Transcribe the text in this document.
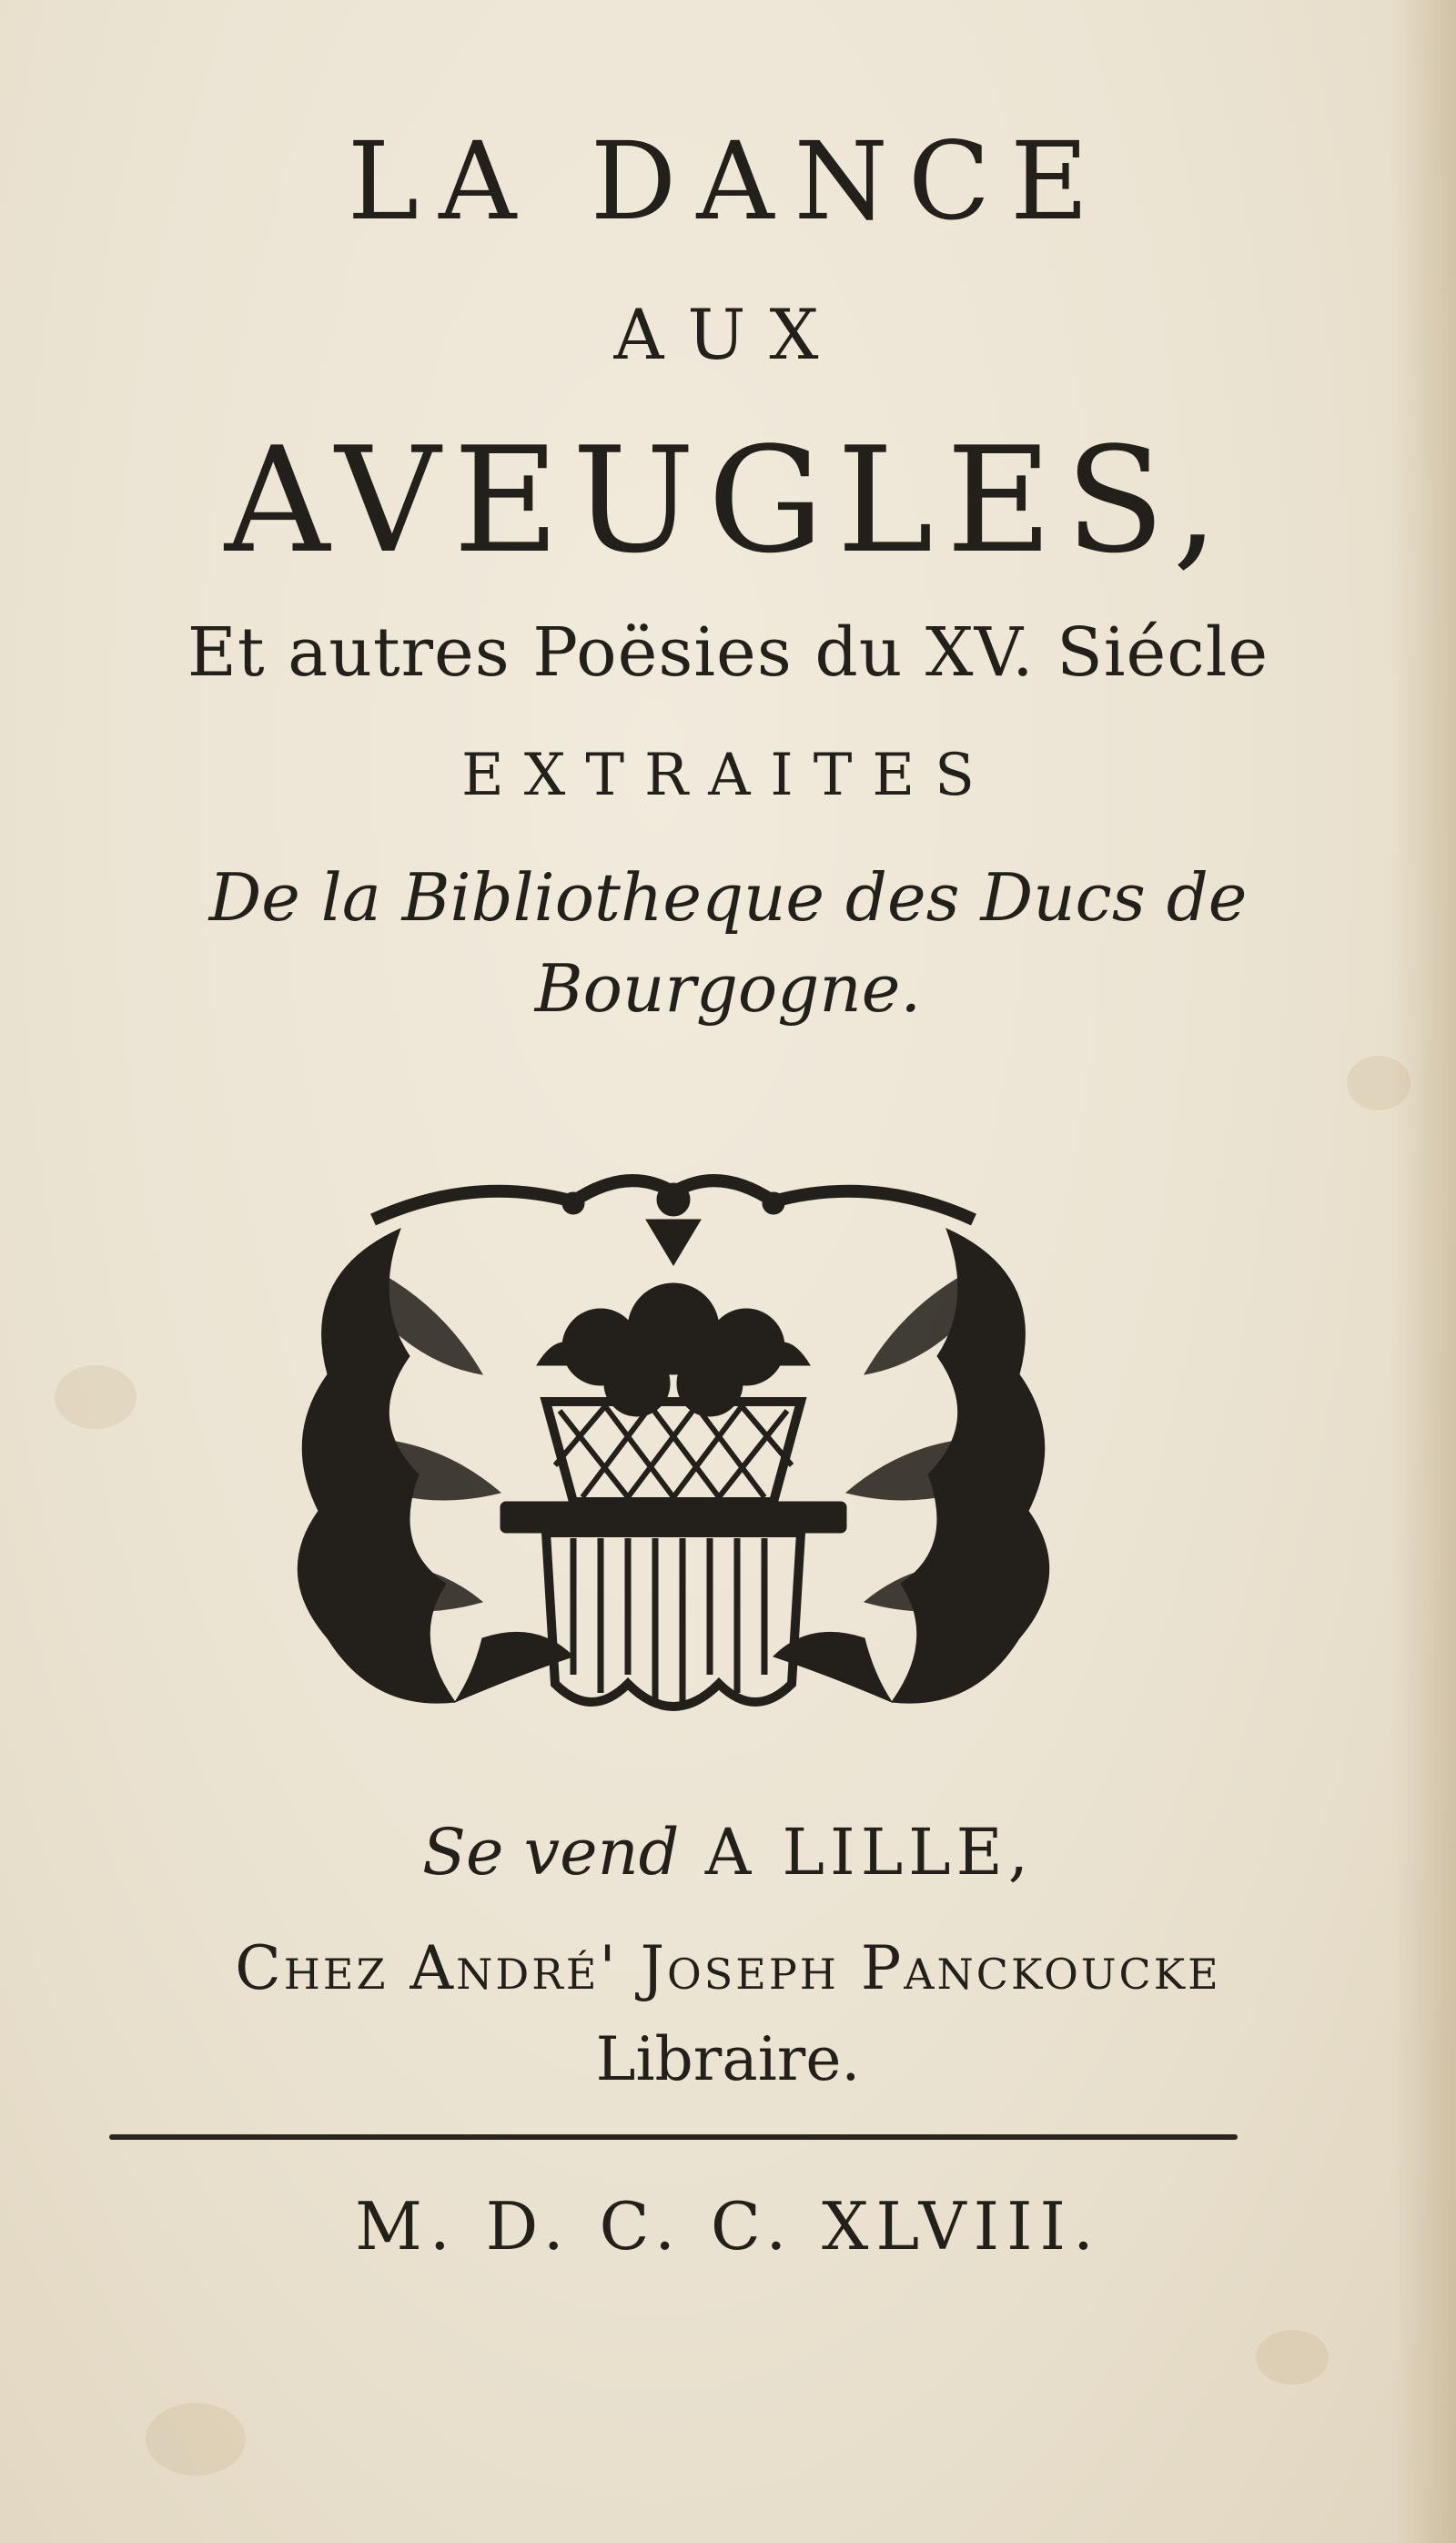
LA DANCE
AUX
AVEUGLES,
Et autres Poësies du XV. Siécle
EXTRAITES
De la Bibliotheque des Ducs de
Bourgogne.
Se vend A LILLE,
Chez André' Joseph Panckoucke
Libraire.
M. D. C. C. XLVIII.
